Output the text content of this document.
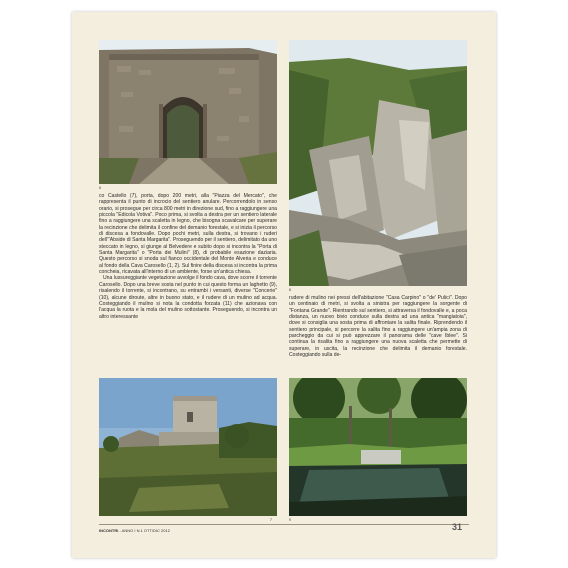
6
8

co Castello (7), porta, dopo 200 metri, alla "Piazza del Mercato", che rappresenta il punto di incrocio del sentiero anulare. Percorrendolo in senso orario, si prosegue per circa 800 metri in direzione sud, fino a raggiungere una piccola "Edicola Votiva". Poco prima, si svolta a destra per un sentiero laterale fino a raggiungere una scaletta in legno, che bisogna scavalcare per superare la recinzione che delimita il confine del demanio forestale, e si inizia il percorso di discesa a fondovalle. Dopo pochi metri, sulla destra, si trovano i ruderi dell'"Abside di Santa Margarita". Proseguendo per il sentiero, delimitato da uno steccato in legno, si giunge al Belvedere e subito dopo si incontra la "Porta di Santa Margarita" o "Porta dei Mulini" (8), di probabile esazione daziaria. Questo percorso si snoda sul fianco occidentale del Monte Alveria e conduce al fondo della Cava Carosello (1, 2). Sul finire della discesa si incontra la prima concheia, ricavata all'interno di un ambiente, forse un'antica chiesa.

Una lussureggiante vegetazione avvolge il fondo cava, dove scorre il torrente Carosello. Dopo una breve sosta nel punto in cui questo forma un laghetto (9), risalendo il torrente, si incontrano, su entrambi i versanti, diverse "Concerie" (10), alcune diroute, altre in buono stato, e il rudere di un mulino ad acqua. Costeggiando il mulino si nota la condotta forzata (11) che azionava con l'acqua la ruota e la mola del mulino sottostante. Proseguendo, si incontra un altro interessante

rudere di mulino nei pressi dell'abitazione "Casa Carpino" o "de' Pulici". Dopo un centinaio di metri, si svolta a sinistra per raggiungere la sorgente di "Fontana Grande". Rientrando sul sentiero, si attraversa il fondovalle e, a poca distanza, un nuovo bivio conduce sulla destra ad una antica "mangiatoia", dove si consiglia una sosta prima di affrontare la salita finale. Riprendendo il sentiero principale, si percorre la salita fino a raggiungere un'ampia zona di parcheggio da cui si può apprezzare il panorama delle "cave Iblee". Si continua la risalita fino a raggiungere una nuova scaletta che permette di superare, in uscita, la recinzione che delimita il demanio forestale. Costeggiando sulla de-

7	9
INCONTRI - ANNO I N.1 OTT/DIC 2012	31
